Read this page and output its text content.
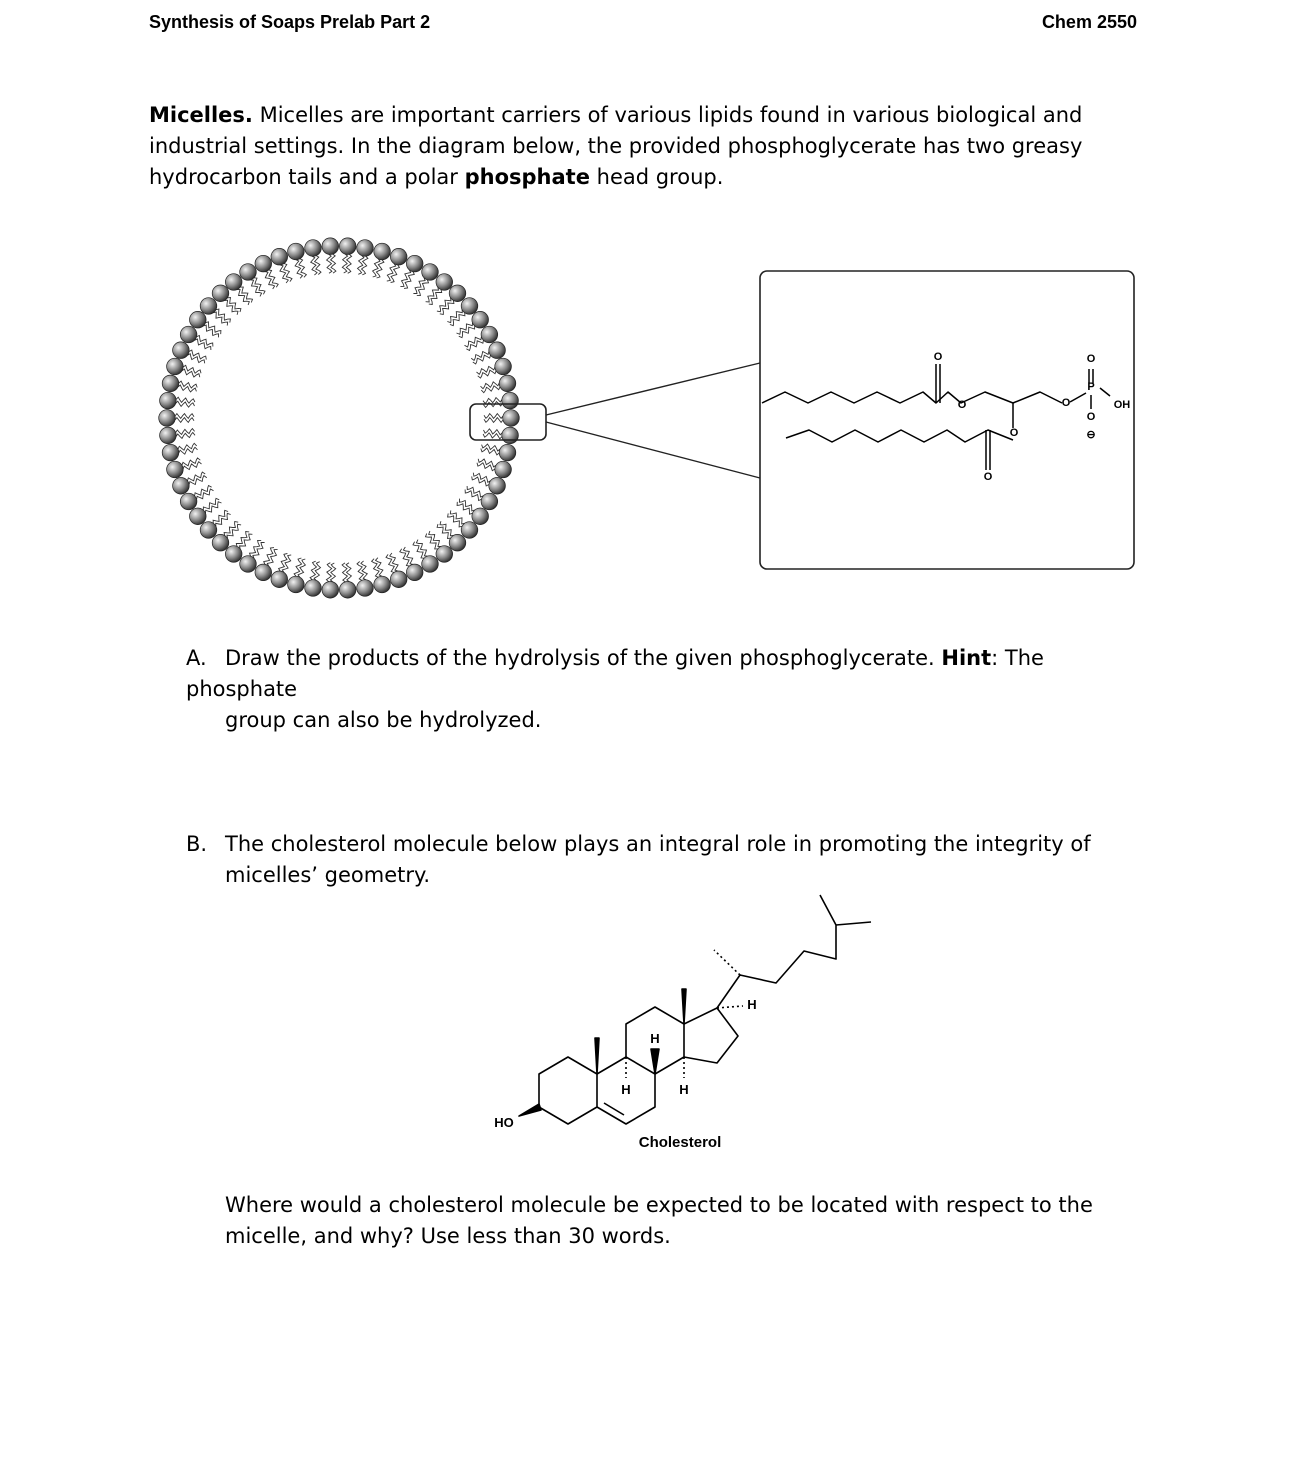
Synthesis of Soaps Prelab Part 2	Chem 2550
Micelles. Micelles are important carriers of various lipids found in various biological and industrial settings. In the diagram below, the provided phosphoglycerate has two greasy hydrocarbon tails and a polar phosphate head group.
O
O
O
O
O
P
O
O
OH
⊖
A. Draw the products of the hydrolysis of the given phosphoglycerate. Hint: The phosphate
group can also be hydrolyzed.
B. The cholesterol molecule below plays an integral role in promoting the integrity of
micelles’ geometry.
HO
H
H
H	H
Cholesterol
Where would a cholesterol molecule be expected to be located with respect to the micelle, and why? Use less than 30 words.
